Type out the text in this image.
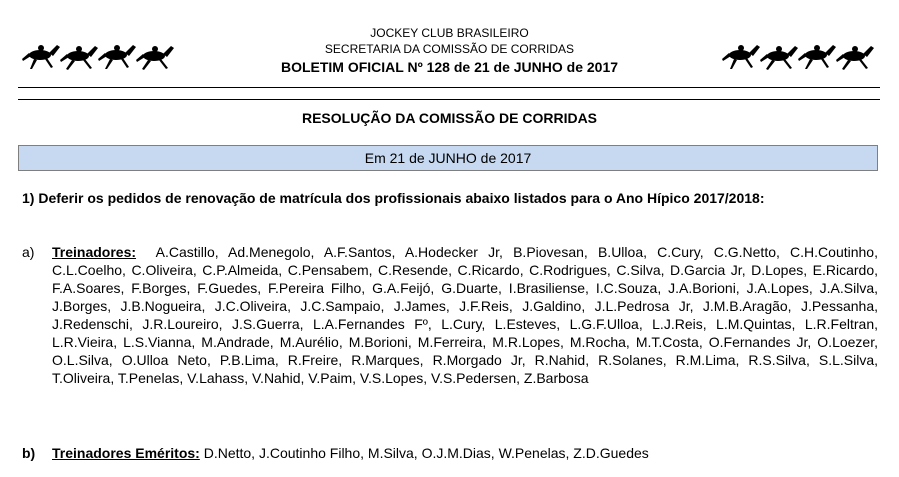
JOCKEY CLUB BRASILEIRO
SECRETARIA DA COMISSÃO DE CORRIDAS
BOLETIM OFICIAL Nº 128 de 21 de JUNHO de 2017
RESOLUÇÃO DA COMISSÃO DE CORRIDAS
Em 21 de JUNHO de 2017
1) Deferir os pedidos de renovação de matrícula dos profissionais abaixo listados para o Ano Hípico 2017/2018:
a) Treinadores: A.Castillo, Ad.Menegolo, A.F.Santos, A.Hodecker Jr, B.Piovesan, B.Ulloa, C.Cury, C.G.Netto, C.H.Coutinho, C.L.Coelho, C.Oliveira, C.P.Almeida, C.Pensabem, C.Resende, C.Ricardo, C.Rodrigues, C.Silva, D.Garcia Jr, D.Lopes, E.Ricardo, F.A.Soares, F.Borges, F.Guedes, F.Pereira Filho, G.A.Feijó, G.Duarte, I.Brasiliense, I.C.Souza, J.A.Borioni, J.A.Lopes, J.A.Silva, J.Borges, J.B.Nogueira, J.C.Oliveira, J.C.Sampaio, J.James, J.F.Reis, J.Galdino, J.L.Pedrosa Jr, J.M.B.Aragão, J.Pessanha, J.Redenschi, J.R.Loureiro, J.S.Guerra, L.A.Fernandes Fº, L.Cury, L.Esteves, L.G.F.Ulloa, L.J.Reis, L.M.Quintas, L.R.Feltran, L.R.Vieira, L.S.Vianna, M.Andrade, M.Aurélio, M.Borioni, M.Ferreira, M.R.Lopes, M.Rocha, M.T.Costa, O.Fernandes Jr, O.Loezer, O.L.Silva, O.Ulloa Neto, P.B.Lima, R.Freire, R.Marques, R.Morgado Jr, R.Nahid, R.Solanes, R.M.Lima, R.S.Silva, S.L.Silva, T.Oliveira, T.Penelas, V.Lahass, V.Nahid, V.Paim, V.S.Lopes, V.S.Pedersen, Z.Barbosa
b) Treinadores Eméritos: D.Netto, J.Coutinho Filho, M.Silva, O.J.M.Dias, W.Penelas, Z.D.Guedes
